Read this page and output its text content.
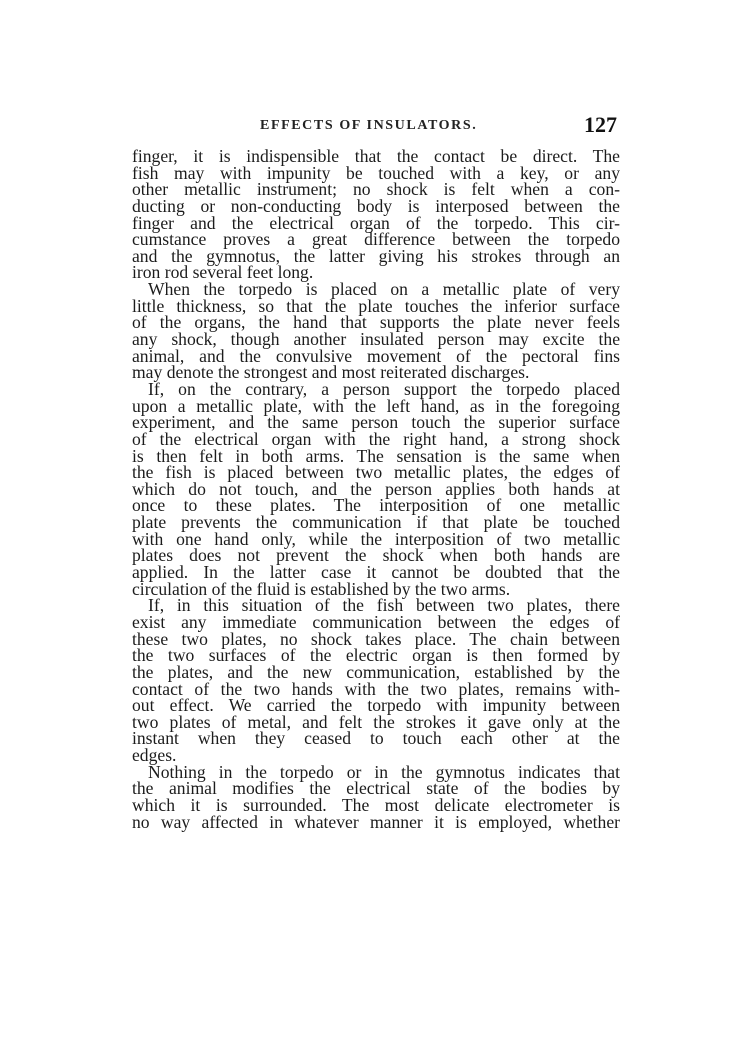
EFFECTS OF INSULATORS.	127
finger, it is indispensible that the contact be direct. The
fish may with impunity be touched with a key, or any
other metallic instrument; no shock is felt when a con-
ducting or non-conducting body is interposed between the
finger and the electrical organ of the torpedo. This cir-
cumstance proves a great difference between the torpedo
and the gymnotus, the latter giving his strokes through an
iron rod several feet long.
When the torpedo is placed on a metallic plate of very
little thickness, so that the plate touches the inferior surface
of the organs, the hand that supports the plate never feels
any shock, though another insulated person may excite the
animal, and the convulsive movement of the pectoral fins
may denote the strongest and most reiterated discharges.
If, on the contrary, a person support the torpedo placed
upon a metallic plate, with the left hand, as in the foregoing
experiment, and the same person touch the superior surface
of the electrical organ with the right hand, a strong shock
is then felt in both arms. The sensation is the same when
the fish is placed between two metallic plates, the edges of
which do not touch, and the person applies both hands at
once to these plates. The interposition of one metallic
plate prevents the communication if that plate be touched
with one hand only, while the interposition of two metallic
plates does not prevent the shock when both hands are
applied. In the latter case it cannot be doubted that the
circulation of the fluid is established by the two arms.
If, in this situation of the fish between two plates, there
exist any immediate communication between the edges of
these two plates, no shock takes place. The chain between
the two surfaces of the electric organ is then formed by
the plates, and the new communication, established by the
contact of the two hands with the two plates, remains with-
out effect. We carried the torpedo with impunity between
two plates of metal, and felt the strokes it gave only at the
instant when they ceased to touch each other at the
edges.
Nothing in the torpedo or in the gymnotus indicates that
the animal modifies the electrical state of the bodies by
which it is surrounded. The most delicate electrometer is
no way affected in whatever manner it is employed, whether
